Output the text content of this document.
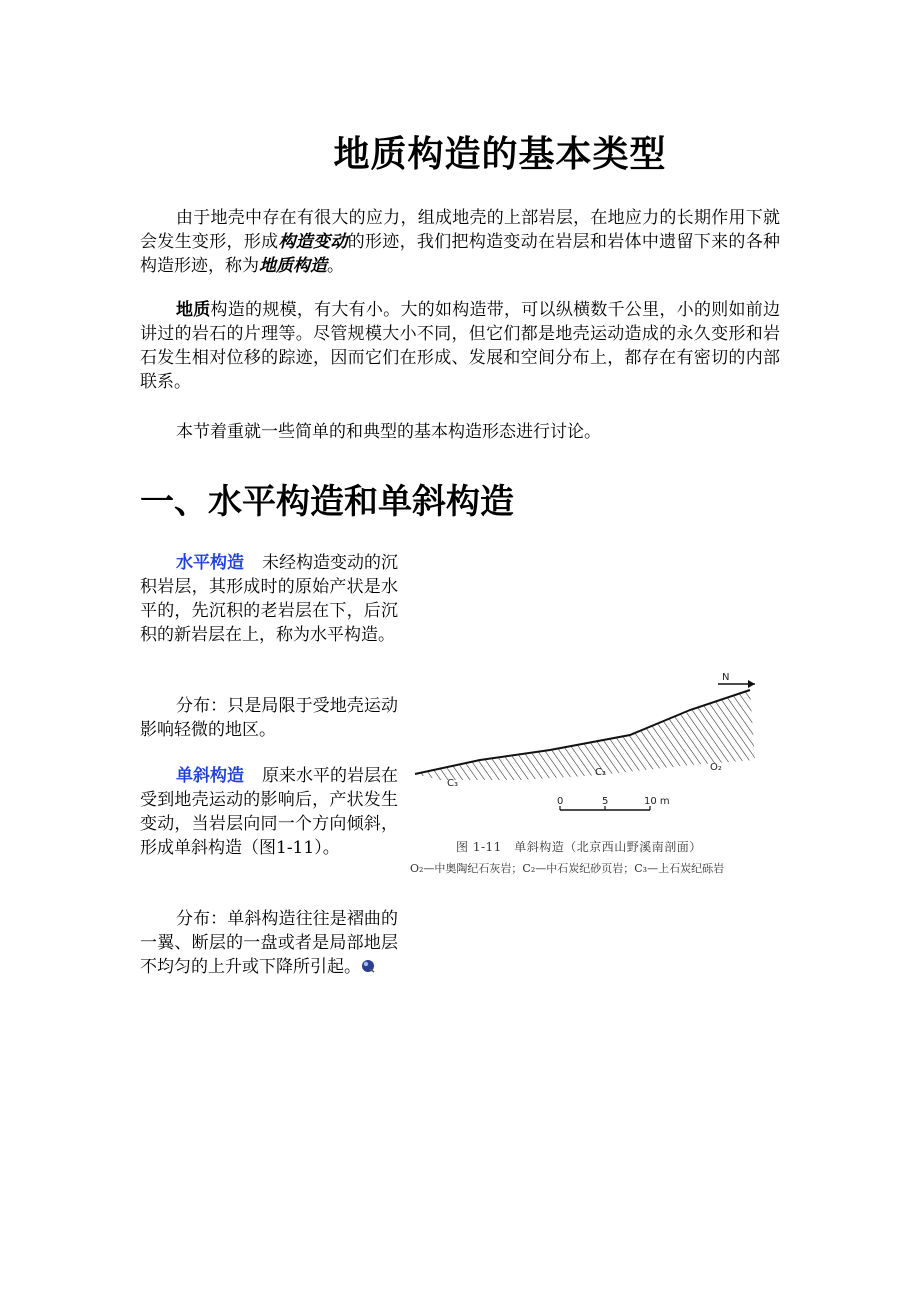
地质构造的基本类型

由于地壳中存在有很大的应力，组成地壳的上部岩层，在地应力的长期作用下就会发生变形，形成构造变动的形迹，我们把构造变动在岩层和岩体中遗留下来的各种构造形迹，称为地质构造。

地质构造的规模，有大有小。大的如构造带，可以纵横数千公里，小的则如前边讲过的岩石的片理等。尽管规模大小不同，但它们都是地壳运动造成的永久变形和岩石发生相对位移的踪迹，因而它们在形成、发展和空间分布上，都存在有密切的内部联系。

本节着重就一些简单的和典型的基本构造形态进行讨论。

一、水平构造和单斜构造

水平构造 未经构造变动的沉积岩层，其形成时的原始产状是水平的，先沉积的老岩层在下，后沉积的新岩层在上，称为水平构造。

分布：只是局限于受地壳运动影响轻微的地区。

单斜构造 原来水平的岩层在受到地壳运动的影响后，产状发生变动，当岩层向同一个方向倾斜，形成单斜构造（图1-11）。

分布：单斜构造往往是褶曲的一翼、断层的一盘或者是局部地层不均匀的上升或下降所引起。

N
O₂
C₂
C₃
0	5	10 m
图 1-11　单斜构造（北京西山野溪南剖面）
O₂—中奥陶纪石灰岩；C₂—中石炭纪砂页岩；C₃—上石炭纪砾岩
